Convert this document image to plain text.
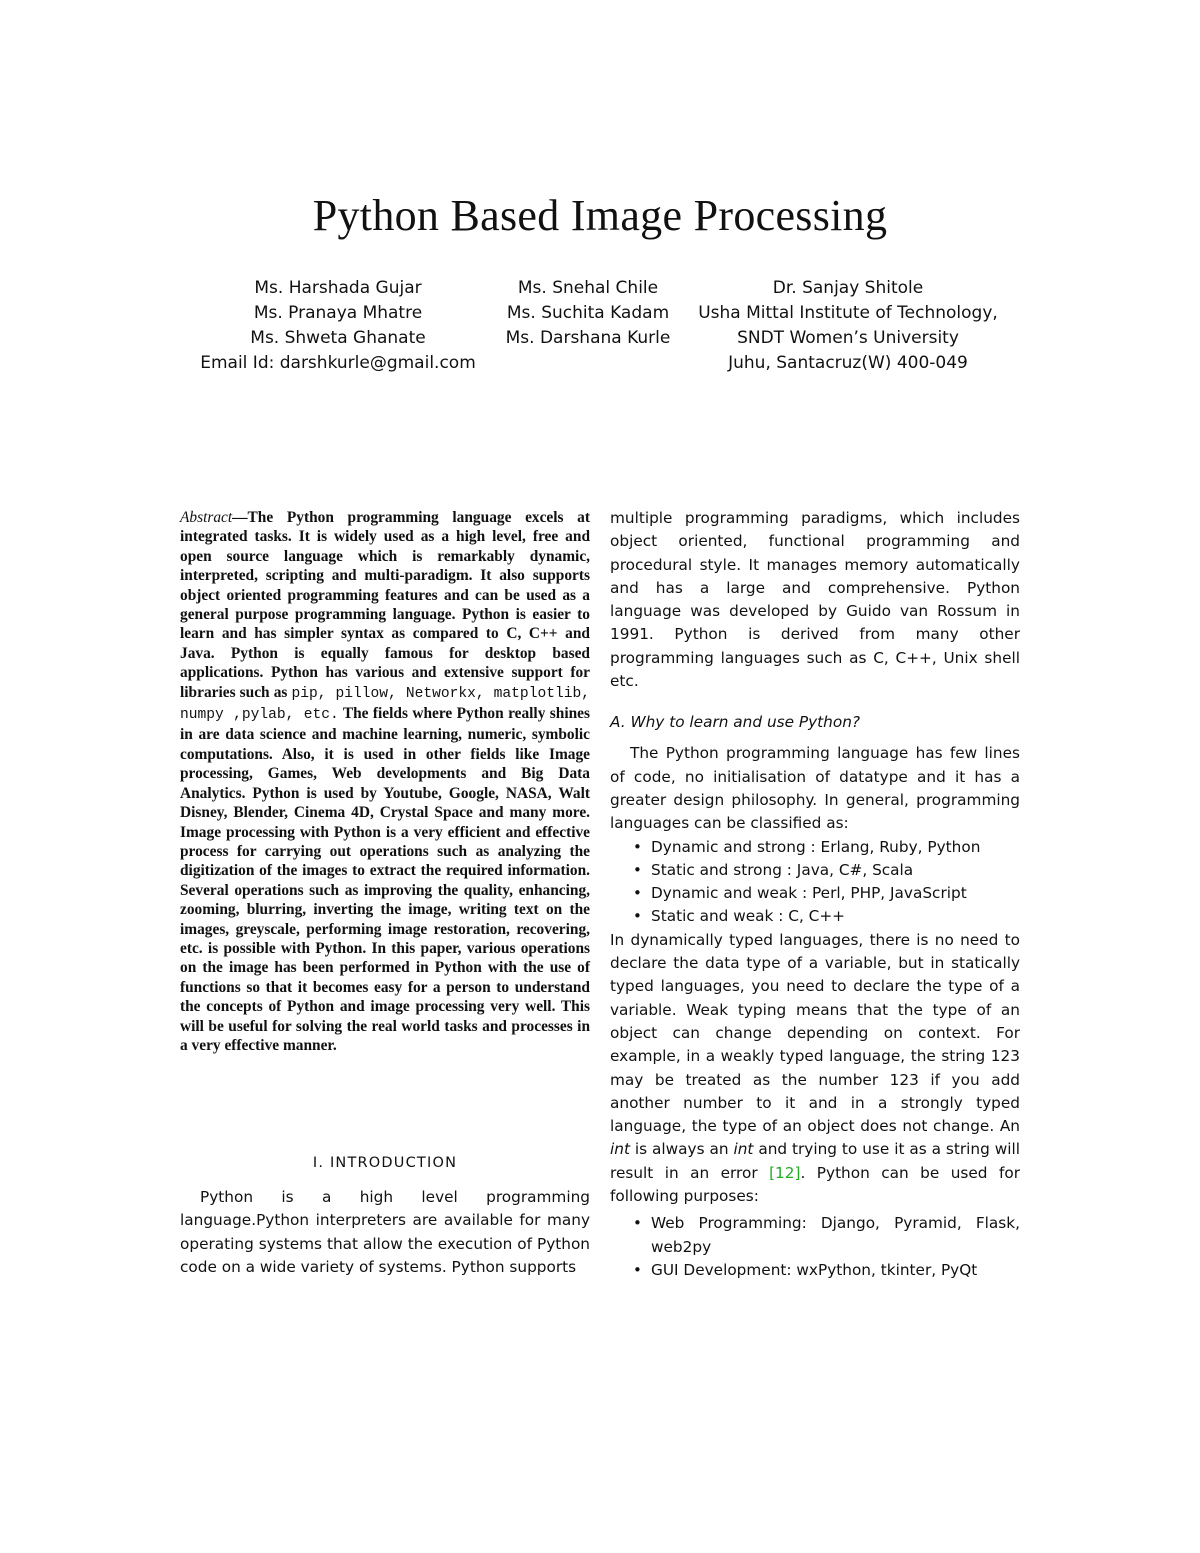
Python Based Image Processing
Ms. Harshada Gujar
Ms. Pranaya Mhatre
Ms. Shweta Ghanate
Email Id: darshkurle@gmail.com
Ms. Snehal Chile
Ms. Suchita Kadam
Ms. Darshana Kurle
Dr. Sanjay Shitole
Usha Mittal Institute of Technology,
SNDT Women’s University
Juhu, Santacruz(W) 400-049
Abstract—The Python programming language excels at integrated tasks. It is widely used as a high level, free and open source language which is remarkably dynamic, interpreted, scripting and multi-paradigm. It also supports object oriented programming features and can be used as a general purpose programming language. Python is easier to learn and has simpler syntax as compared to C, C++ and Java. Python is equally famous for desktop based applications. Python has various and extensive support for libraries such as pip, pillow, Networkx, matplotlib, numpy ,pylab, etc. The fields where Python really shines in are data science and machine learning, numeric, symbolic computations. Also, it is used in other fields like Image processing, Games, Web developments and Big Data Analytics. Python is used by Youtube, Google, NASA, Walt Disney, Blender, Cinema 4D, Crystal Space and many more. Image processing with Python is a very efficient and effective process for carrying out operations such as analyzing the digitization of the images to extract the required information. Several operations such as improving the quality, enhancing, zooming, blurring, inverting the image, writing text on the images, greyscale, performing image restoration, recovering, etc. is possible with Python. In this paper, various operations on the image has been performed in Python with the use of functions so that it becomes easy for a person to understand the concepts of Python and image processing very well. This will be useful for solving the real world tasks and processes in a very effective manner.
I. INTRODUCTION
Python is a high level programming language.Python interpreters are available for many operating systems that allow the execution of Python code on a wide variety of systems. Python supports

multiple programming paradigms, which includes object oriented, functional programming and procedural style. It manages memory automatically and has a large and comprehensive. Python language was developed by Guido van Rossum in 1991. Python is derived from many other programming languages such as C, C++, Unix shell etc.

A. Why to learn and use Python?

The Python programming language has few lines of code, no initialisation of datatype and it has a greater design philosophy. In general, programming languages can be classified as:

• Dynamic and strong : Erlang, Ruby, Python
• Static and strong : Java, C#, Scala
• Dynamic and weak : Perl, PHP, JavaScript
• Static and weak : C, C++

In dynamically typed languages, there is no need to declare the data type of a variable, but in statically typed languages, you need to declare the type of a variable. Weak typing means that the type of an object can change depending on context. For example, in a weakly typed language, the string 123 may be treated as the number 123 if you add another number to it and in a strongly typed language, the type of an object does not change. An int is always an int and trying to use it as a string will result in an error [12]. Python can be used for following purposes:

• Web Programming: Django, Pyramid, Flask, web2py
• GUI Development: wxPython, tkinter, PyQt
